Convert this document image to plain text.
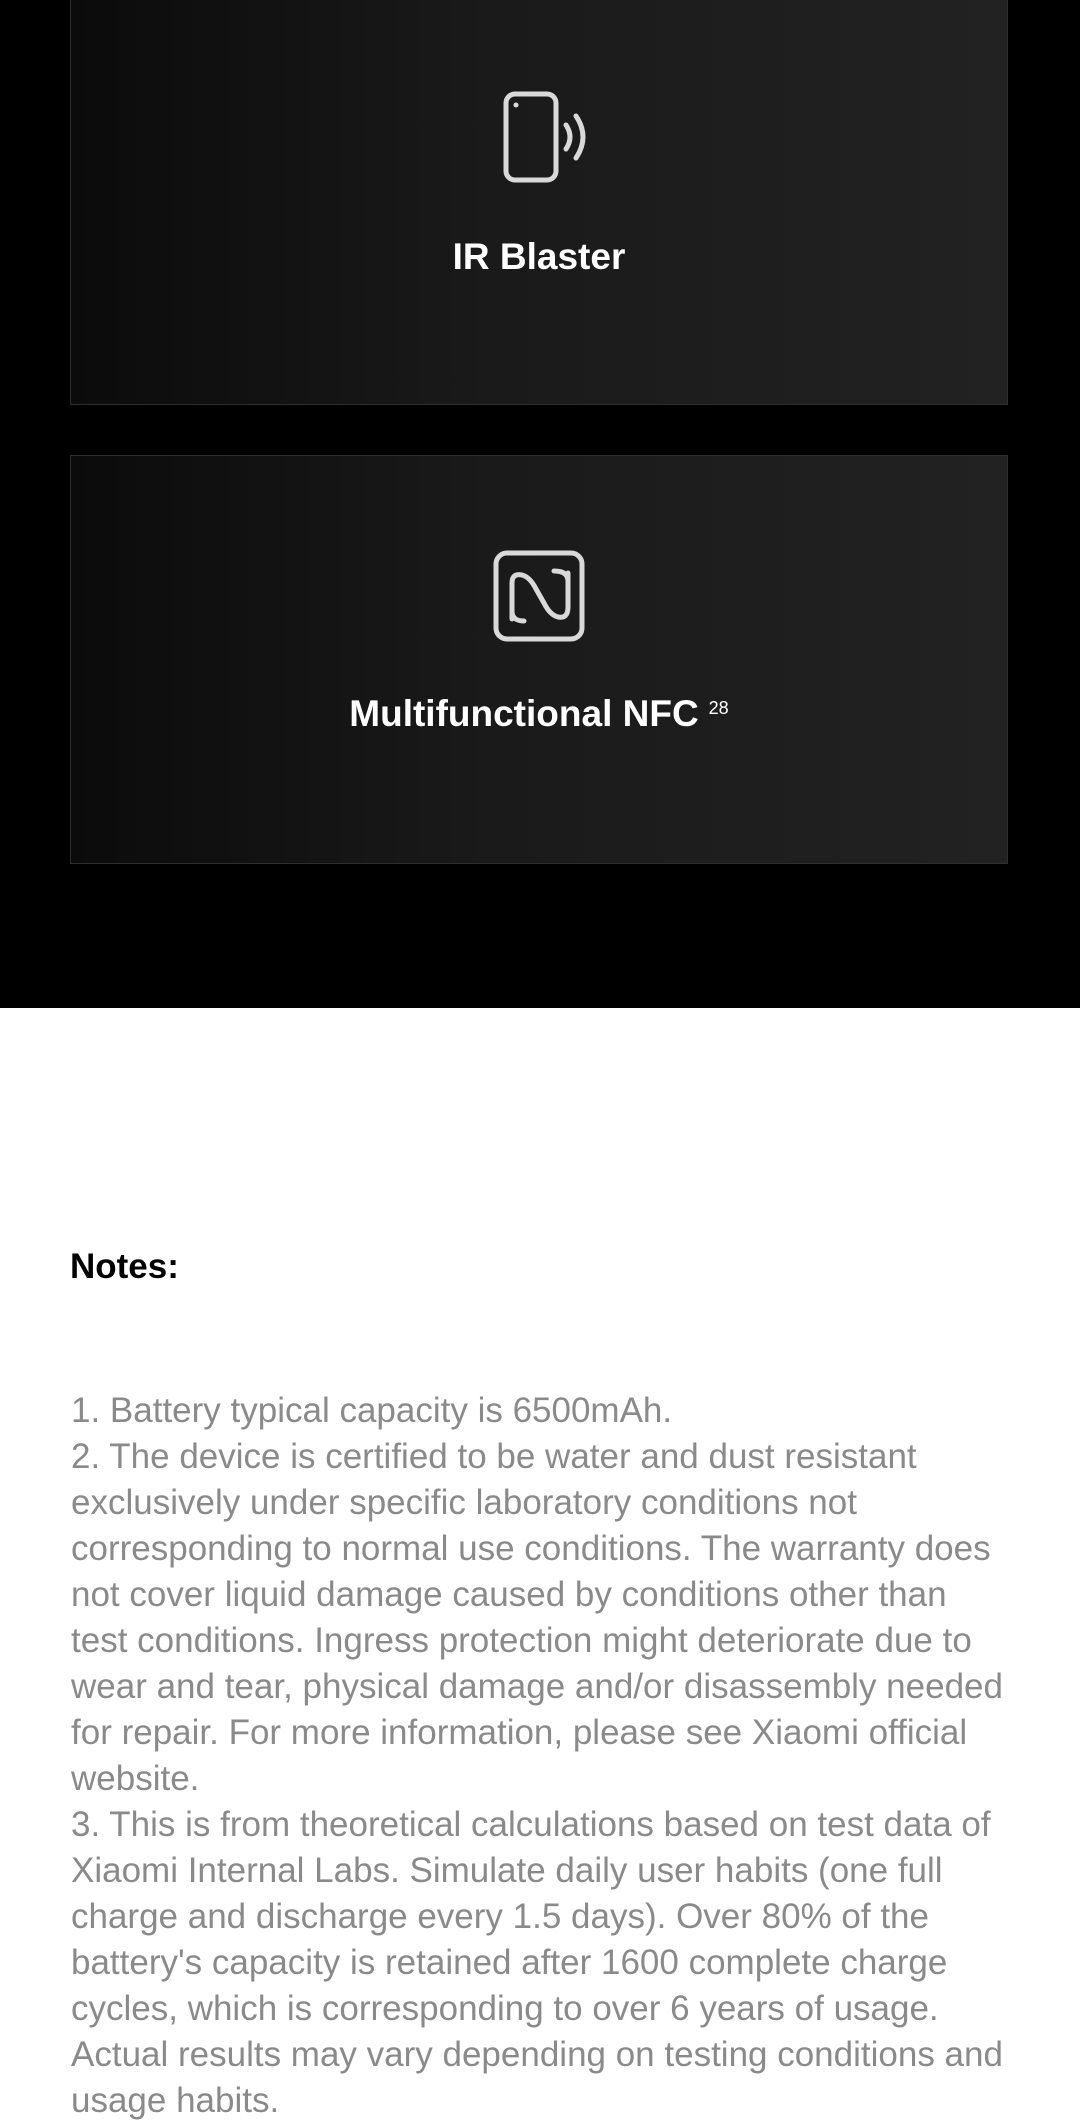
IR Blaster
Multifunctional NFC 28
Notes:

1. Battery typical capacity is 6500mAh.

2. The device is certified to be water and dust resistant exclusively under specific laboratory conditions not corresponding to normal use conditions. The warranty does not cover liquid damage caused by conditions other than test conditions. Ingress protection might deteriorate due to wear and tear, physical damage and/or disassembly needed for repair. For more information, please see Xiaomi official website.

3. This is from theoretical calculations based on test data of Xiaomi Internal Labs. Simulate daily user habits (one full charge and discharge every 1.5 days). Over 80% of the battery's capacity is retained after 1600 complete charge cycles, which is corresponding to over 6 years of usage. Actual results may vary depending on testing conditions and usage habits.
